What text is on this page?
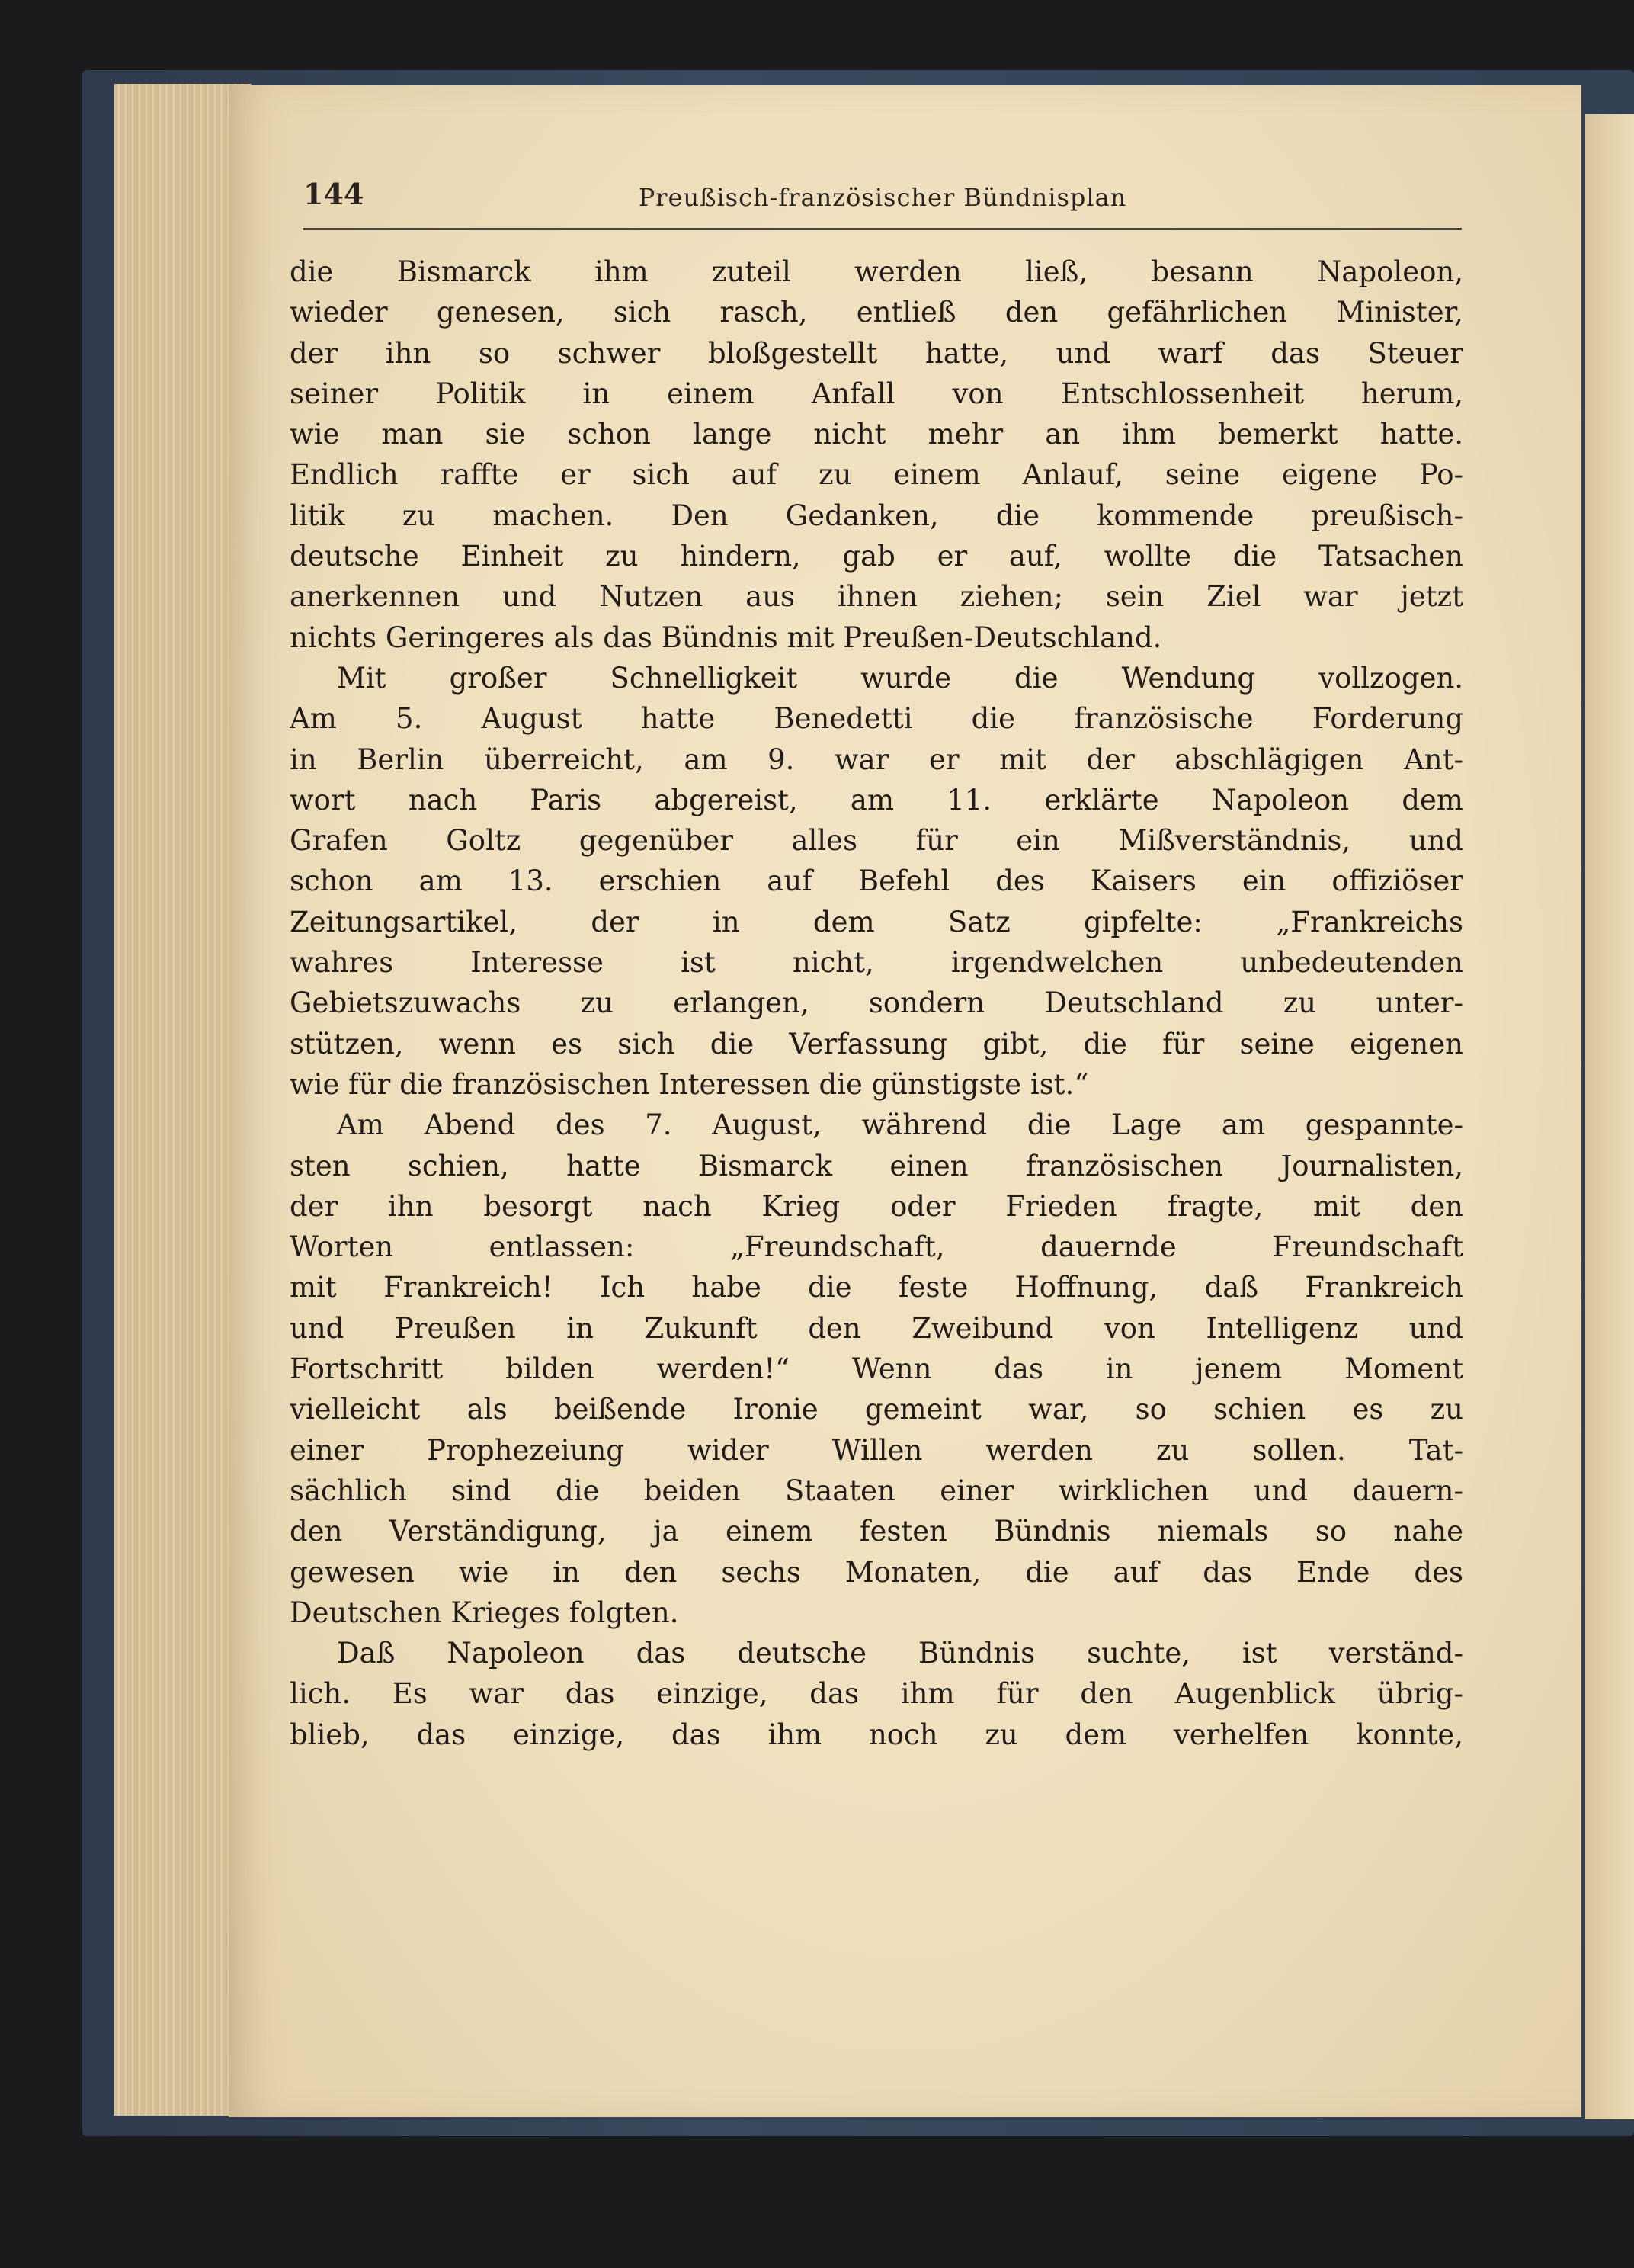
144	Preußisch-französischer Bündnisplan
die Bismarck ihm zuteil werden ließ, besann Napoleon,
wieder genesen, sich rasch, entließ den gefährlichen Minister,
der ihn so schwer bloßgestellt hatte, und warf das Steuer
seiner Politik in einem Anfall von Entschlossenheit herum,
wie man sie schon lange nicht mehr an ihm bemerkt hatte.
Endlich raffte er sich auf zu einem Anlauf, seine eigene Po-
litik zu machen. Den Gedanken, die kommende preußisch-
deutsche Einheit zu hindern, gab er auf, wollte die Tatsachen
anerkennen und Nutzen aus ihnen ziehen; sein Ziel war jetzt
nichts Geringeres als das Bündnis mit Preußen-Deutschland.
Mit großer Schnelligkeit wurde die Wendung vollzogen.
Am 5. August hatte Benedetti die französische Forderung
in Berlin überreicht, am 9. war er mit der abschlägigen Ant-
wort nach Paris abgereist, am 11. erklärte Napoleon dem
Grafen Goltz gegenüber alles für ein Mißverständnis, und
schon am 13. erschien auf Befehl des Kaisers ein offiziöser
Zeitungsartikel, der in dem Satz gipfelte: „Frankreichs
wahres Interesse ist nicht, irgendwelchen unbedeutenden
Gebietszuwachs zu erlangen, sondern Deutschland zu unter-
stützen, wenn es sich die Verfassung gibt, die für seine eigenen
wie für die französischen Interessen die günstigste ist.“
Am Abend des 7. August, während die Lage am gespannte-
sten schien, hatte Bismarck einen französischen Journalisten,
der ihn besorgt nach Krieg oder Frieden fragte, mit den
Worten entlassen: „Freundschaft, dauernde Freundschaft
mit Frankreich! Ich habe die feste Hoffnung, daß Frankreich
und Preußen in Zukunft den Zweibund von Intelligenz und
Fortschritt bilden werden!“ Wenn das in jenem Moment
vielleicht als beißende Ironie gemeint war, so schien es zu
einer Prophezeiung wider Willen werden zu sollen. Tat-
sächlich sind die beiden Staaten einer wirklichen und dauern-
den Verständigung, ja einem festen Bündnis niemals so nahe
gewesen wie in den sechs Monaten, die auf das Ende des
Deutschen Krieges folgten.
Daß Napoleon das deutsche Bündnis suchte, ist verständ-
lich. Es war das einzige, das ihm für den Augenblick übrig-
blieb, das einzige, das ihm noch zu dem verhelfen konnte,
